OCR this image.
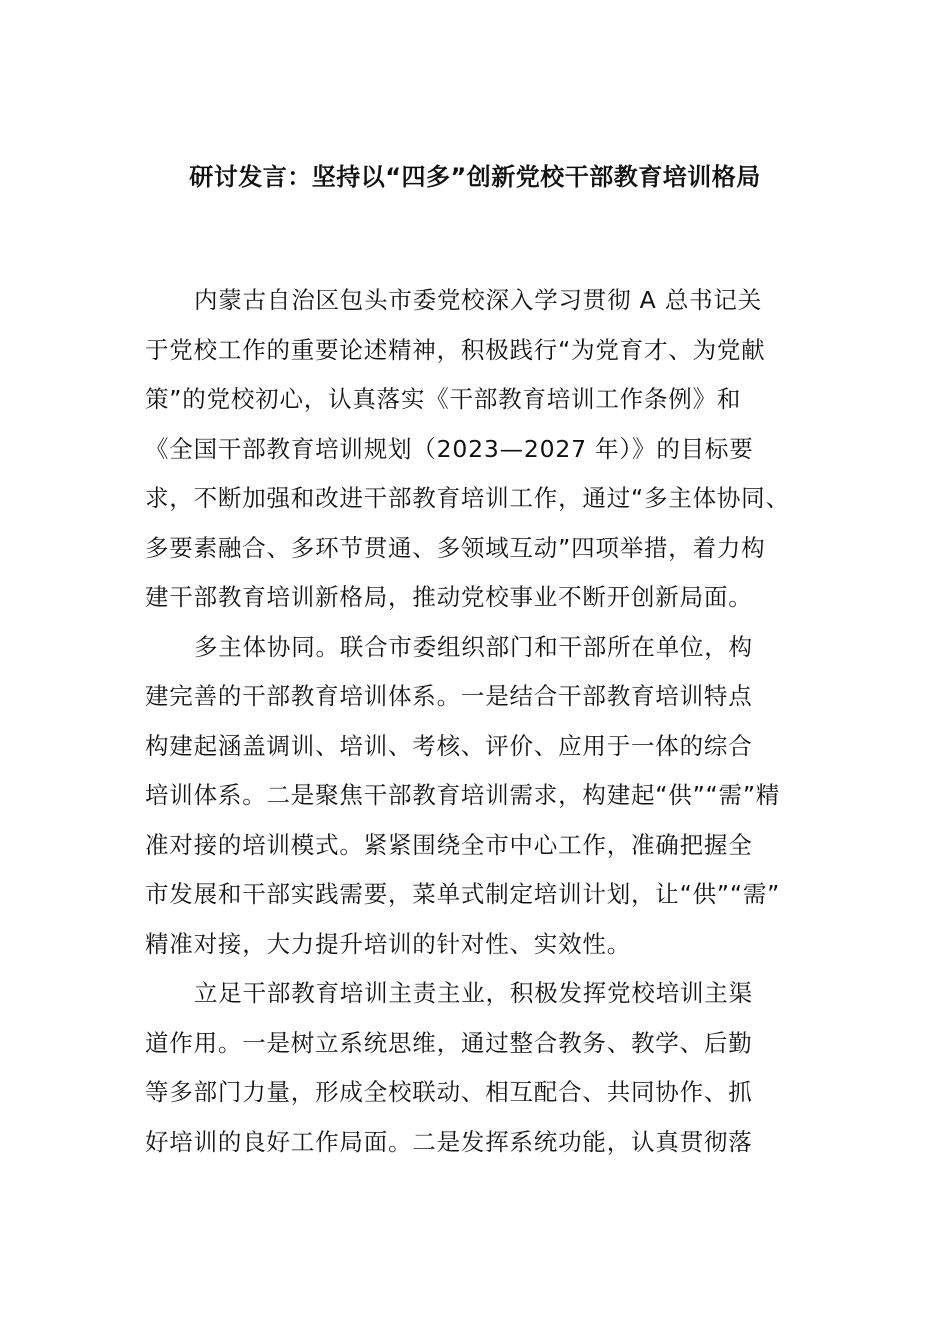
研讨发言：坚持以“四多”创新党校干部教育培训格局
内蒙古自治区包头市委党校深入学习贯彻 A 总书记关
于党校工作的重要论述精神，积极践行“为党育才、为党献
策”的党校初心，认真落实《干部教育培训工作条例》和
《全国干部教育培训规划（2023—2027 年）》的目标要
求，不断加强和改进干部教育培训工作，通过“多主体协同、
多要素融合、多环节贯通、多领域互动”四项举措，着力构
建干部教育培训新格局，推动党校事业不断开创新局面。
多主体协同。联合市委组织部门和干部所在单位，构
建完善的干部教育培训体系。一是结合干部教育培训特点
构建起涵盖调训、培训、考核、评价、应用于一体的综合
培训体系。二是聚焦干部教育培训需求，构建起“供”“需”精
准对接的培训模式。紧紧围绕全市中心工作，准确把握全
市发展和干部实践需要，菜单式制定培训计划，让“供”“需”
精准对接，大力提升培训的针对性、实效性。
立足干部教育培训主责主业，积极发挥党校培训主渠
道作用。一是树立系统思维，通过整合教务、教学、后勤
等多部门力量，形成全校联动、相互配合、共同协作、抓
好培训的良好工作局面。二是发挥系统功能，认真贯彻落
